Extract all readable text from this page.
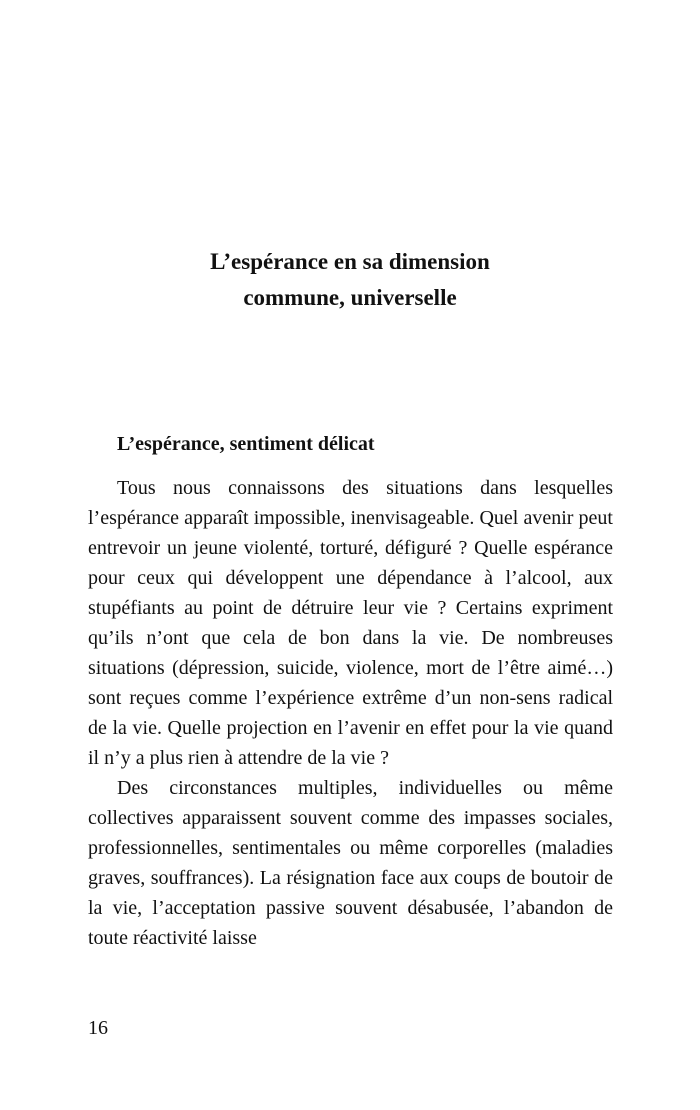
L’espérance en sa dimension
commune, universelle
L’espérance, sentiment délicat

Tous nous connaissons des situations dans lesquelles l’espérance apparaît impossible, inenvisageable. Quel avenir peut entrevoir un jeune violenté, torturé, défiguré ? Quelle espérance pour ceux qui développent une dépendance à l’alcool, aux stupéfiants au point de détruire leur vie ? Certains expriment qu’ils n’ont que cela de bon dans la vie. De nombreuses situations (dépression, suicide, violence, mort de l’être aimé…) sont reçues comme l’expérience extrême d’un non-sens radical de la vie. Quelle projection en l’avenir en effet pour la vie quand il n’y a plus rien à attendre de la vie ?

Des circonstances multiples, individuelles ou même collectives apparaissent souvent comme des impasses sociales, professionnelles, sentimentales ou même corporelles (maladies graves, souffrances). La résignation face aux coups de boutoir de la vie, l’acceptation passive souvent désabusée, l’abandon de toute réactivité laisse

16
